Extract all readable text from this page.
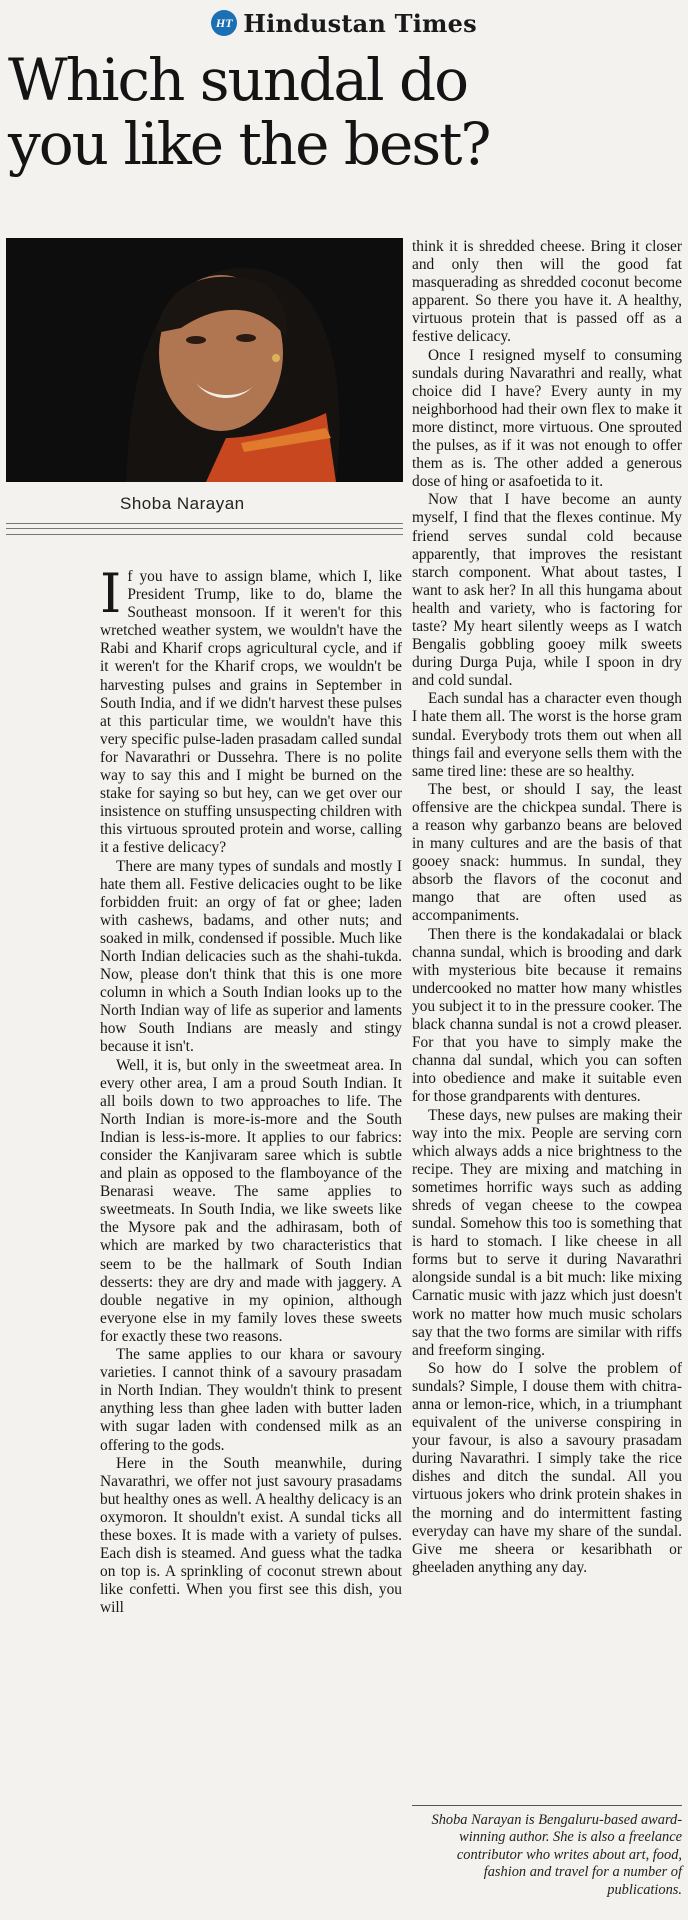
HT Hindustan Times
Which sundal do you like the best?
Shoba Narayan

If you have to assign blame, which I, like President Trump, like to do, blame the Southeast monsoon. If it weren't for this wretched weather system, we wouldn't have the Rabi and Kharif crops agricultural cycle, and if it weren't for the Kharif crops, we wouldn't be harvesting pulses and grains in September in South India, and if we didn't harvest these pulses at this particular time, we wouldn't have this very specific pulse-laden prasadam called sundal for Navarathri or Dussehra. There is no polite way to say this and I might be burned on the stake for saying so but hey, can we get over our insistence on stuffing unsuspecting children with this virtuous sprouted protein and worse, calling it a festive delicacy?

There are many types of sundals and mostly I hate them all. Festive delicacies ought to be like forbidden fruit: an orgy of fat or ghee; laden with cashews, badams, and other nuts; and soaked in milk, condensed if possible. Much like North Indian delicacies such as the shahi-tukda. Now, please don't think that this is one more column in which a South Indian looks up to the North Indian way of life as superior and laments how South Indians are measly and stingy because it isn't.

Well, it is, but only in the sweetmeat area. In every other area, I am a proud South Indian. It all boils down to two approaches to life. The North Indian is more-is-more and the South Indian is less-is-more. It applies to our fabrics: consider the Kanjivaram saree which is subtle and plain as opposed to the flamboyance of the Benarasi weave. The same applies to sweetmeats. In South India, we like sweets like the Mysore pak and the adhirasam, both of which are marked by two characteristics that seem to be the hallmark of South Indian desserts: they are dry and made with jaggery. A double negative in my opinion, although everyone else in my family loves these sweets for exactly these two reasons.

The same applies to our khara or savoury varieties. I cannot think of a savoury prasadam in North Indian. They wouldn't think to present anything less than ghee laden with butter laden with sugar laden with condensed milk as an offering to the gods.

Here in the South meanwhile, during Navarathri, we offer not just savoury prasadams but healthy ones as well. A healthy delicacy is an oxymoron. It shouldn't exist. A sundal ticks all these boxes. It is made with a variety of pulses. Each dish is steamed. And guess what the tadka on top is. A sprinkling of coconut strewn about like confetti. When you first see this dish, you will

think it is shredded cheese. Bring it closer and only then will the good fat masquerading as shredded coconut become apparent. So there you have it. A healthy, virtuous protein that is passed off as a festive delicacy.

Once I resigned myself to consuming sundals during Navarathri and really, what choice did I have? Every aunty in my neighborhood had their own flex to make it more distinct, more virtuous. One sprouted the pulses, as if it was not enough to offer them as is. The other added a generous dose of hing or asafoetida to it.

Now that I have become an aunty myself, I find that the flexes continue. My friend serves sundal cold because apparently, that improves the resistant starch component. What about tastes, I want to ask her? In all this hungama about health and variety, who is factoring for taste? My heart silently weeps as I watch Bengalis gobbling gooey milk sweets during Durga Puja, while I spoon in dry and cold sundal.

Each sundal has a character even though I hate them all. The worst is the horse gram sundal. Everybody trots them out when all things fail and everyone sells them with the same tired line: these are so healthy.

The best, or should I say, the least offensive are the chickpea sundal. There is a reason why garbanzo beans are beloved in many cultures and are the basis of that gooey snack: hummus. In sundal, they absorb the flavors of the coconut and mango that are often used as accompaniments.

Then there is the kondakadalai or black channa sundal, which is brooding and dark with mysterious bite because it remains undercooked no matter how many whistles you subject it to in the pressure cooker. The black channa sundal is not a crowd pleaser. For that you have to simply make the channa dal sundal, which you can soften into obedience and make it suitable even for those grandparents with dentures.

These days, new pulses are making their way into the mix. People are serving corn which always adds a nice brightness to the recipe. They are mixing and matching in sometimes horrific ways such as adding shreds of vegan cheese to the cowpea sundal. Somehow this too is something that is hard to stomach. I like cheese in all forms but to serve it during Navarathri alongside sundal is a bit much: like mixing Carnatic music with jazz which just doesn't work no matter how much music scholars say that the two forms are similar with riffs and freeform singing.

So how do I solve the problem of sundals? Simple, I douse them with chitra-anna or lemon-rice, which, in a triumphant equivalent of the universe conspiring in your favour, is also a savoury prasadam during Navarathri. I simply take the rice dishes and ditch the sundal. All you virtuous jokers who drink protein shakes in the morning and do intermittent fasting everyday can have my share of the sundal. Give me sheera or kesaribhath or gheeladen anything any day.

Shoba Narayan is Bengaluru-based award-winning author. She is also a freelance contributor who writes about art, food, fashion and travel for a number of publications.
